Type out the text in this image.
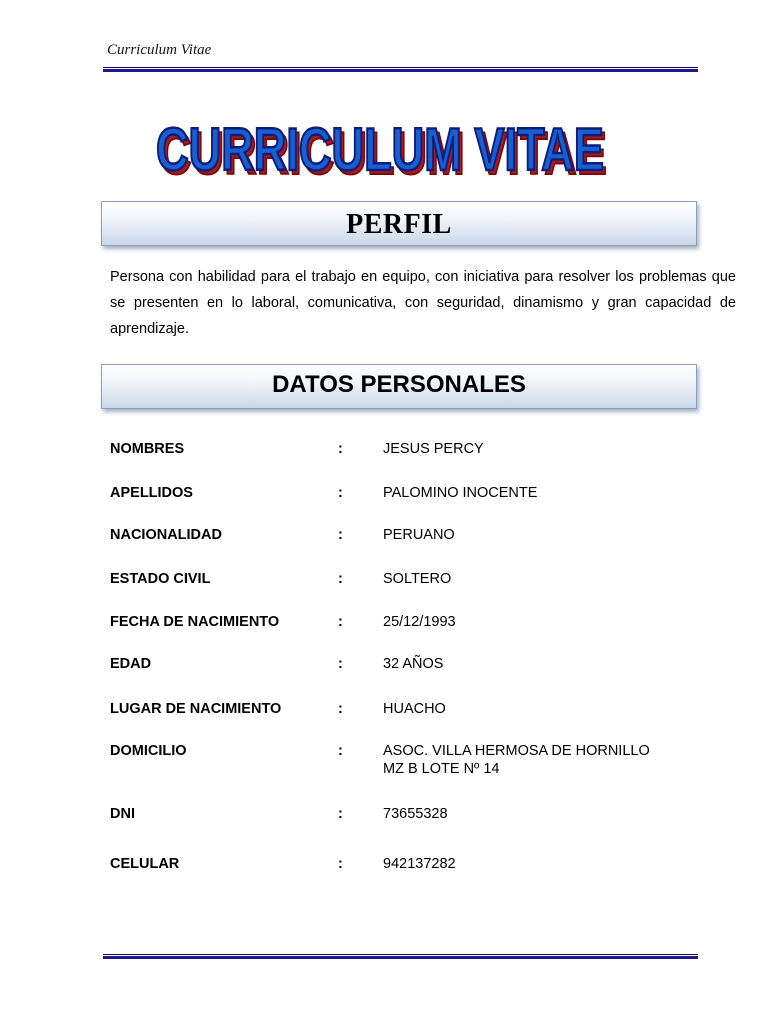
Curriculum Vitae
CURRICULUM VITAE
CURRICULUM VITAE
PERFIL
Persona con habilidad para el trabajo en equipo, con iniciativa para resolver los problemas que se presenten en lo laboral, comunicativa, con seguridad, dinamismo y gran capacidad de aprendizaje.
DATOS PERSONALES
NOMBRES	:	JESUS PERCY
APELLIDOS	:	PALOMINO INOCENTE
NACIONALIDAD	:	PERUANO
ESTADO CIVIL	:	SOLTERO
FECHA DE NACIMIENTO	:	25/12/1993
EDAD	:	32 AÑOS
LUGAR DE NACIMIENTO	:	HUACHO
DOMICILIO	:	ASOC. VILLA HERMOSA DE HORNILLO
MZ B LOTE Nº 14
DNI	:	73655328
CELULAR	:	942137282
